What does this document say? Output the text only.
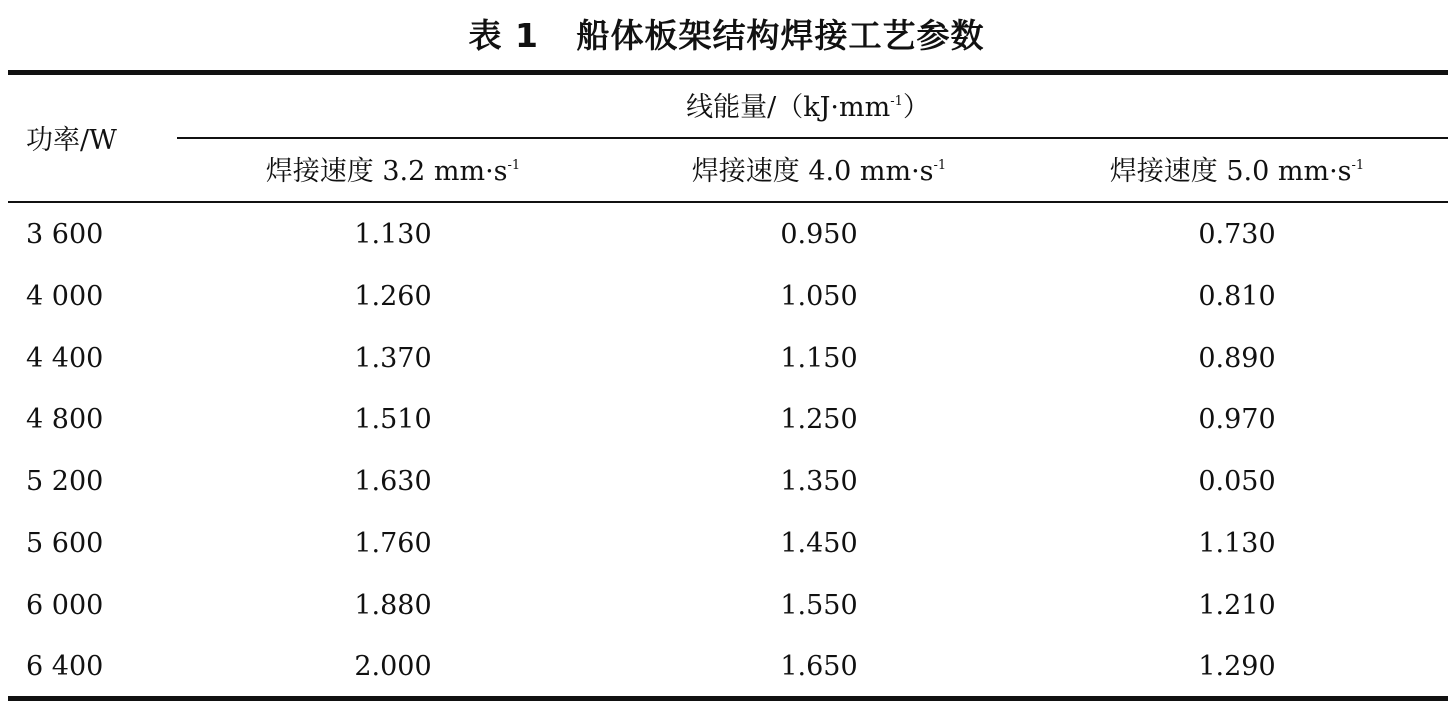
表 1   船体板架结构焊接工艺参数
功率/W
线能量$/(kJ\cdot mm^{-1})$
焊接速度 3.2 $mm\cdot s^{-1}$	焊接速度 4.0 $mm\cdot s^{-1}$	焊接速度 5.0 $mm\cdot s^{-1}$
3 600	1.130	0.950	0.730
4 000	1.260	1.050	0.810
4 400	1.370	1.150	0.890
4 800	1.510	1.250	0.970
5 200	1.630	1.350	0.050
5 600	1.760	1.450	1.130
6 000	1.880	1.550	1.210
6 400	2.000	1.650	1.290
